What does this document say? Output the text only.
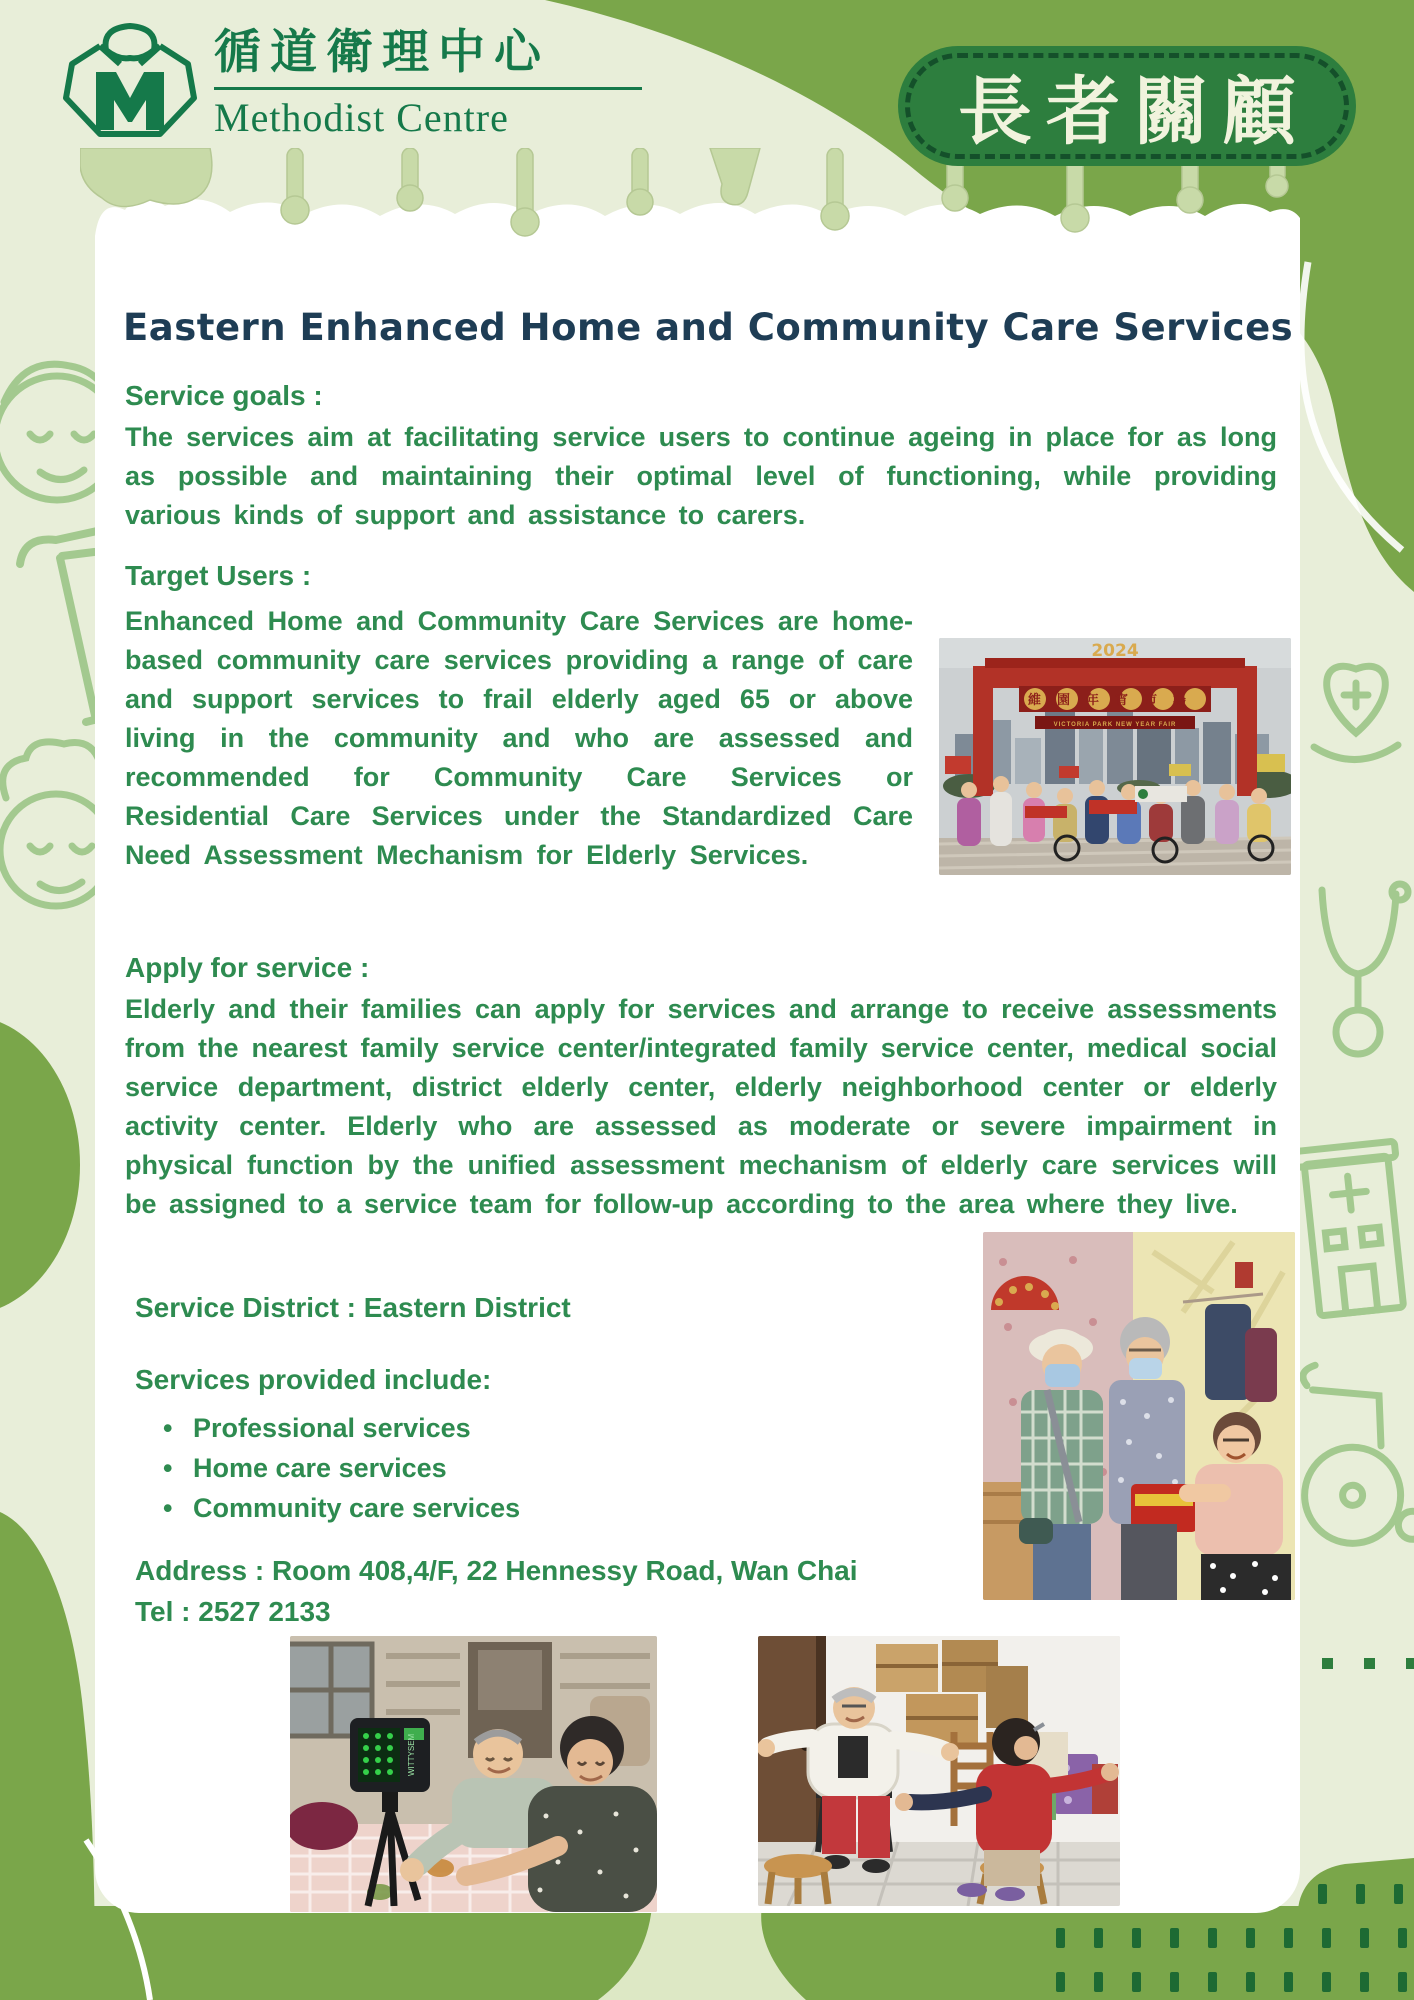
循道衛理中心
Methodist Centre	長者關顧
Eastern Enhanced Home and Community Care Services
Service goals :

The services aim at facilitating service users to continue ageing in place for as long as possible and maintaining their optimal level of functioning, while providing various kinds of support and assistance to carers.

Target Users :

Enhanced Home and Community Care Services are home-based community care services providing a range of care and support services to frail elderly aged 65 or above living in the community and who are assessed and recommended for Community Care Services or Residential Care Services under the Standardized Care Need Assessment Mechanism for Elderly Services.

2024
維園年宵市場
VICTORIA PARK NEW YEAR FAIR
Apply for service :

Elderly and their families can apply for services and arrange to receive assessments from the nearest family service center/integrated family service center, medical social service department, district elderly center, elderly neighborhood center or elderly activity center. Elderly who are assessed as moderate or severe impairment in physical function by the unified assessment mechanism of elderly care services will be assigned to a service team for follow-up according to the area where they live.

Service District : Eastern District
Services provided include:
• Professional services
• Home care services
• Community care services
Address : Room 408,4/F, 22 Hennessy Road, Wan Chai
Tel : 2527 2133
WITTYSEM
